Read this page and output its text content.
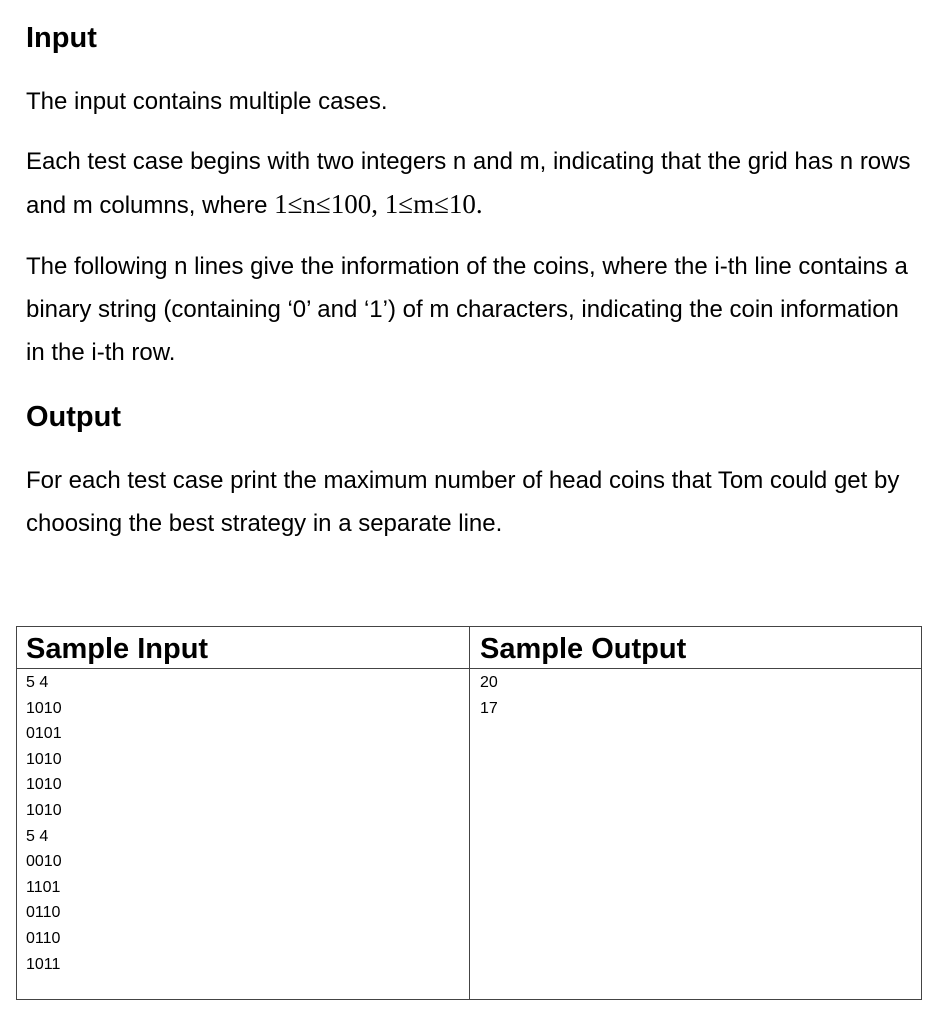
Input

The input contains multiple cases.

Each test case begins with two integers n and m, indicating that the grid has n rows and m columns, where 1≤n≤100, 1≤m≤10.

The following n lines give the information of the coins, where the i-th line contains a binary string (containing ‘0’ and ‘1’) of m characters, indicating the coin information in the i-th row.

Output

For each test case print the maximum number of head coins that Tom could get by choosing the best strategy in a separate line.

Sample Input
5 4
1010
0101
1010
1010
1010
5 4
0010
1101
0110
0110
1011
Sample Output
20
17
